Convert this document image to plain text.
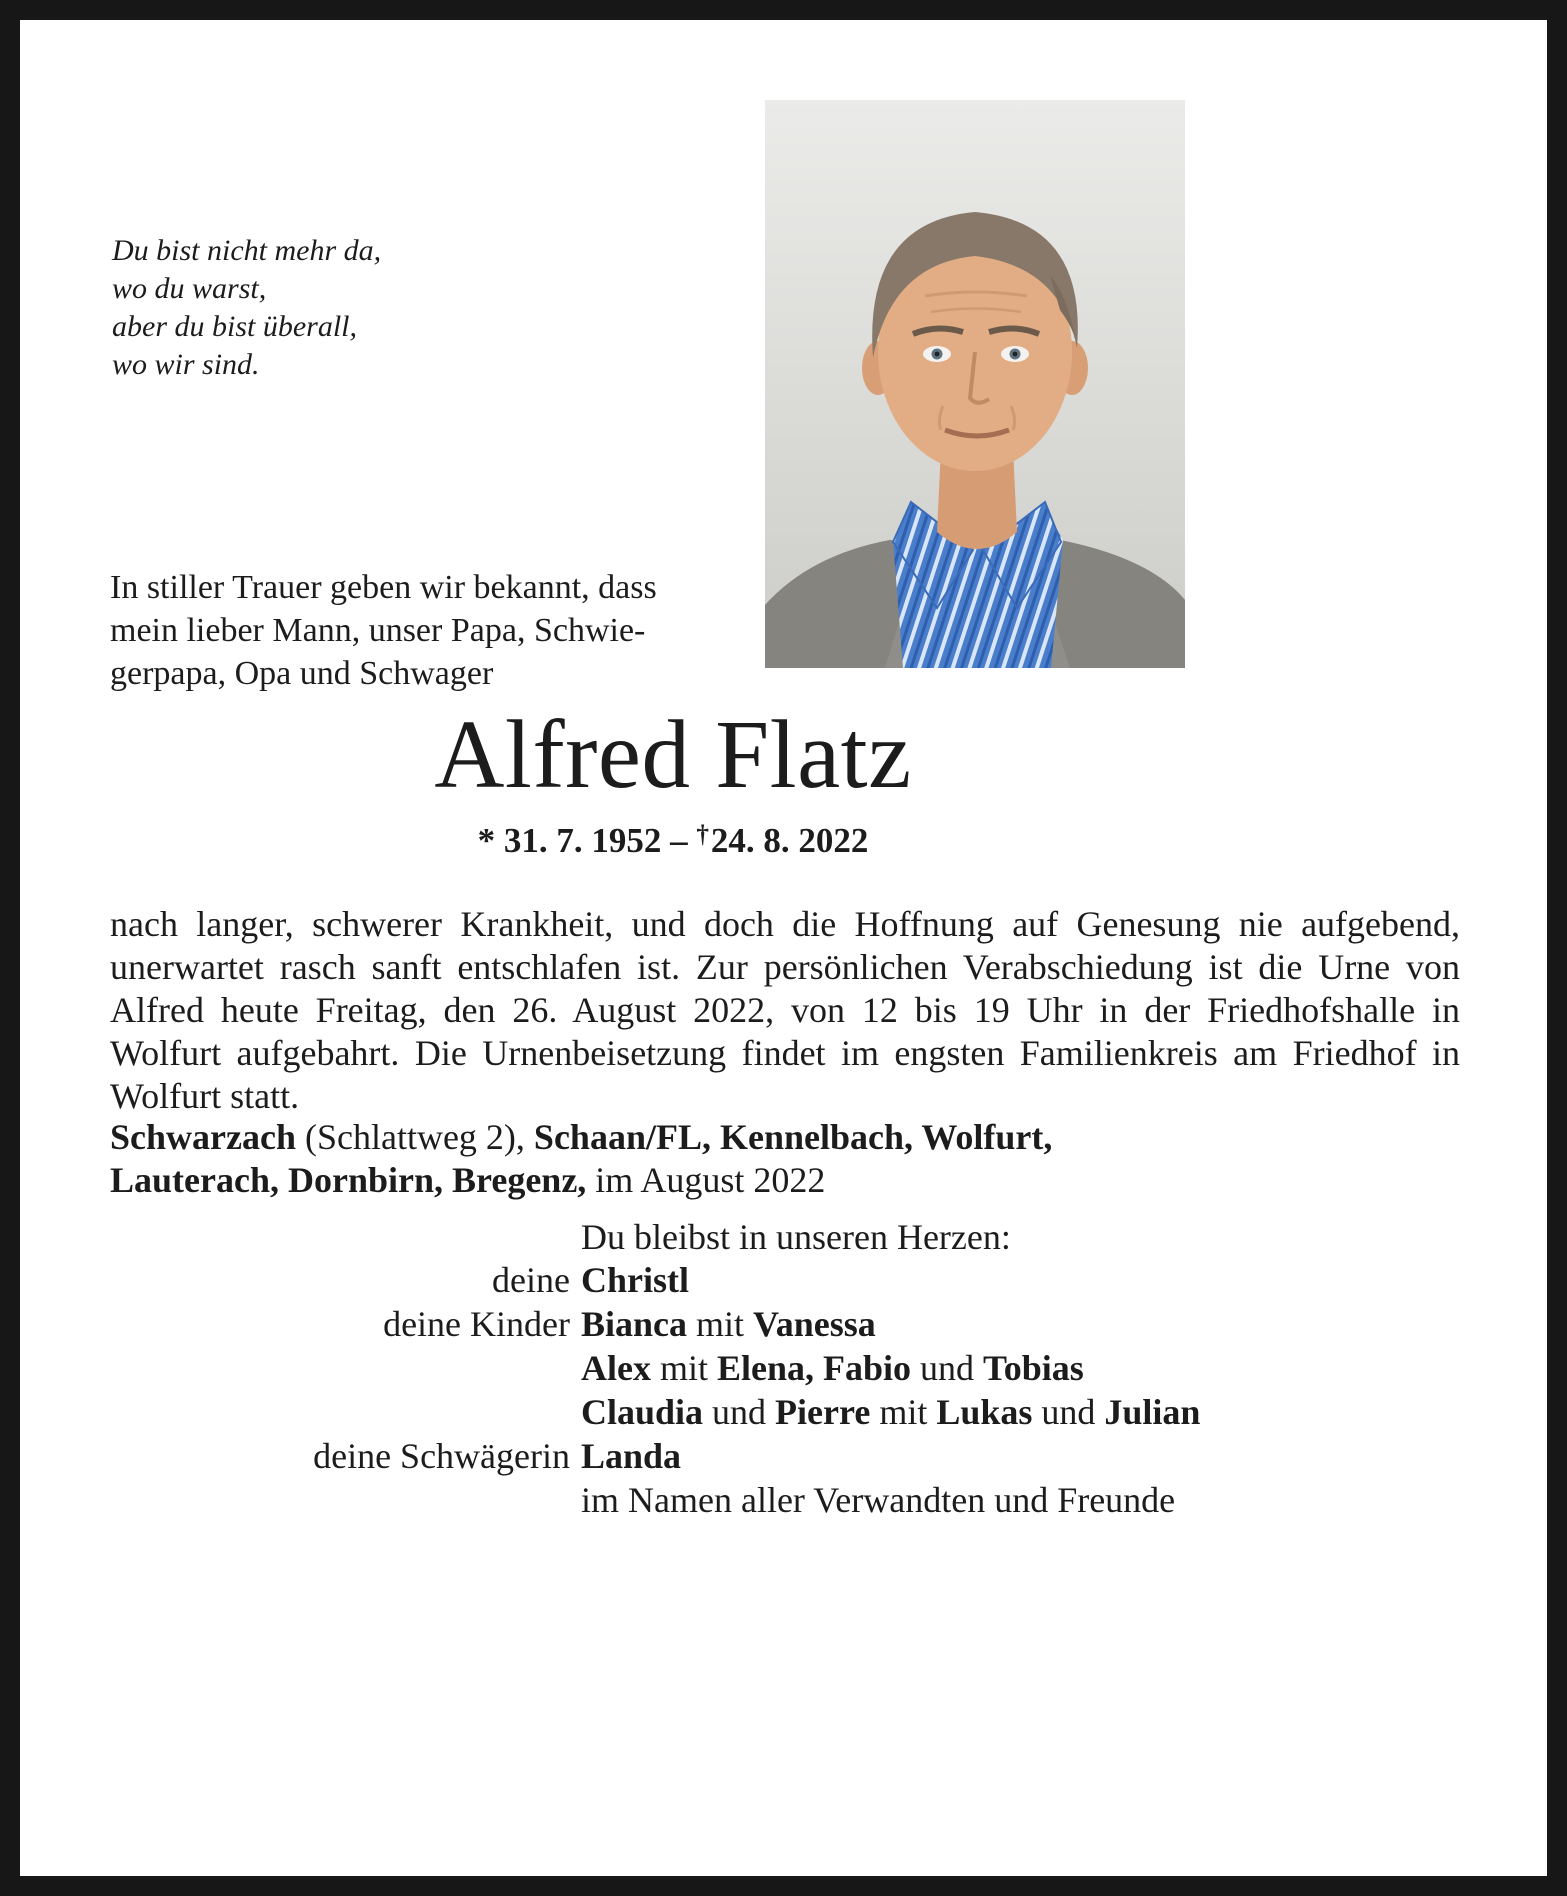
Du bist nicht mehr da,
wo du warst,
aber du bist überall,
wo wir sind.
In stiller Trauer geben wir bekannt, dass
mein lieber Mann, unser Papa, Schwie-
gerpapa, Opa und Schwager
Alfred Flatz
* 31. 7. 1952 – †24. 8. 2022

nach langer, schwerer Krankheit, und doch die Hoffnung auf Genesung nie aufgebend, unerwartet rasch sanft entschlafen ist. Zur persönlichen Verabschiedung ist die Urne von Alfred heute Freitag, den 26. August 2022, von 12 bis 19 Uhr in der Friedhofshalle in Wolfurt aufgebahrt. Die Urnenbeisetzung findet im engsten Familienkreis am Friedhof in Wolfurt statt.

Schwarzach (Schlattweg 2), Schaan/FL, Kennelbach, Wolfurt,
Lauterach, Dornbirn, Bregenz, im August 2022

Du bleibst in unseren Herzen:
deine Christl
deine Kinder Bianca mit Vanessa
Alex mit Elena, Fabio und Tobias
Claudia und Pierre mit Lukas und Julian
deine Schwägerin Landa
im Namen aller Verwandten und Freunde
